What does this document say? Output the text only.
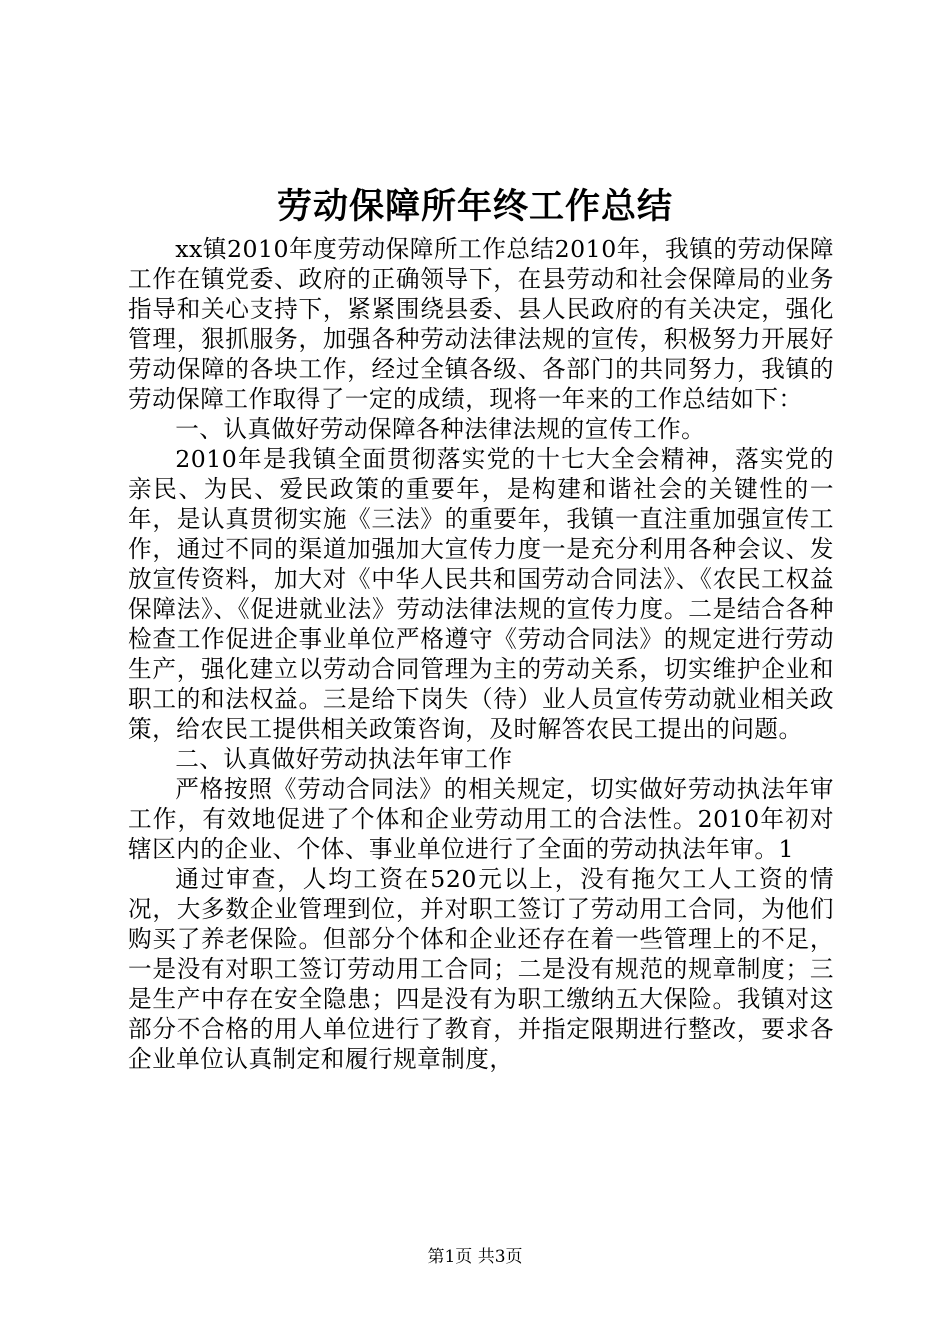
劳动保障所年终工作总结

xx镇2010年度劳动保障所工作总结2010年，我镇的劳动保障工作在镇党委、政府的正确领导下，在县劳动和社会保障局的业务指导和关心支持下，紧紧围绕县委、县人民政府的有关决定，强化管理，狠抓服务，加强各种劳动法律法规的宣传，积极努力开展好劳动保障的各块工作，经过全镇各级、各部门的共同努力，我镇的劳动保障工作取得了一定的成绩，现将一年来的工作总结如下：

一、认真做好劳动保障各种法律法规的宣传工作。

2010年是我镇全面贯彻落实党的十七大全会精神，落实党的亲民、为民、爱民政策的重要年，是构建和谐社会的关键性的一年，是认真贯彻实施《三法》的重要年，我镇一直注重加强宣传工作，通过不同的渠道加强加大宣传力度一是充分利用各种会议、发放宣传资料，加大对《中华人民共和国劳动合同法》、《农民工权益保障法》、《促进就业法》劳动法律法规的宣传力度。二是结合各种检查工作促进企事业单位严格遵守《劳动合同法》的规定进行劳动生产，强化建立以劳动合同管理为主的劳动关系，切实维护企业和职工的和法权益。三是给下岗失（待）业人员宣传劳动就业相关政策，给农民工提供相关政策咨询，及时解答农民工提出的问题。

二、认真做好劳动执法年审工作

严格按照《劳动合同法》的相关规定，切实做好劳动执法年审工作，有效地促进了个体和企业劳动用工的合法性。2010年初对辖区内的企业、个体、事业单位进行了全面的劳动执法年审。1

通过审查，人均工资在520元以上，没有拖欠工人工资的情况，大多数企业管理到位，并对职工签订了劳动用工合同，为他们购买了养老保险。但部分个体和企业还存在着一些管理上的不足，一是没有对职工签订劳动用工合同；二是没有规范的规章制度；三是生产中存在安全隐患；四是没有为职工缴纳五大保险。我镇对这部分不合格的用人单位进行了教育，并指定限期进行整改，要求各企业单位认真制定和履行规章制度，

第1页 共3页
